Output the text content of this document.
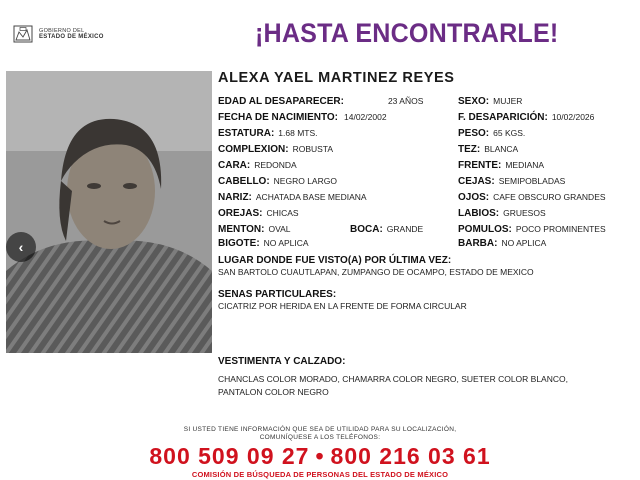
GOBIERNO DEL
ESTADO DE MÉXICO	¡HASTA ENCONTRARLE!
‹
ALEXA YAEL MARTINEZ REYES
EDAD AL DESAPARECER:	23 AÑOS
FECHA DE NACIMIENTO: 14/02/2002
ESTATURA: 1.68 MTS.
COMPLEXION: ROBUSTA
CARA: REDONDA
CABELLO: NEGRO LARGO
NARIZ: ACHATADA BASE MEDIANA
OREJAS: CHICAS
MENTON: OVAL	BOCA: GRANDE
BIGOTE: NO APLICA
SEXO: MUJER
F. DESAPARICIÓN: 10/02/2026
PESO: 65 KGS.
TEZ: BLANCA
FRENTE: MEDIANA
CEJAS: SEMIPOBLADAS
OJOS: CAFE OBSCURO GRANDES
LABIOS: GRUESOS
POMULOS: POCO PROMINENTES
BARBA: NO APLICA
LUGAR DONDE FUE VISTO(A) POR ÚLTIMA VEZ:
SAN BARTOLO CUAUTLAPAN, ZUMPANGO DE OCAMPO, ESTADO DE MEXICO
SENAS PARTICULARES:
CICATRIZ POR HERIDA EN LA FRENTE DE FORMA CIRCULAR
VESTIMENTA Y CALZADO:
CHANCLAS COLOR MORADO, CHAMARRA COLOR NEGRO, SUETER COLOR BLANCO,
PANTALON COLOR NEGRO
SI USTED TIENE INFORMACIÓN QUE SEA DE UTILIDAD PARA SU LOCALIZACIÓN,
COMUNÍQUESE A LOS TELÉFONOS:
800 509 09 27 • 800 216 03 61
COMISIÓN DE BÚSQUEDA DE PERSONAS DEL ESTADO DE MÉXICO
